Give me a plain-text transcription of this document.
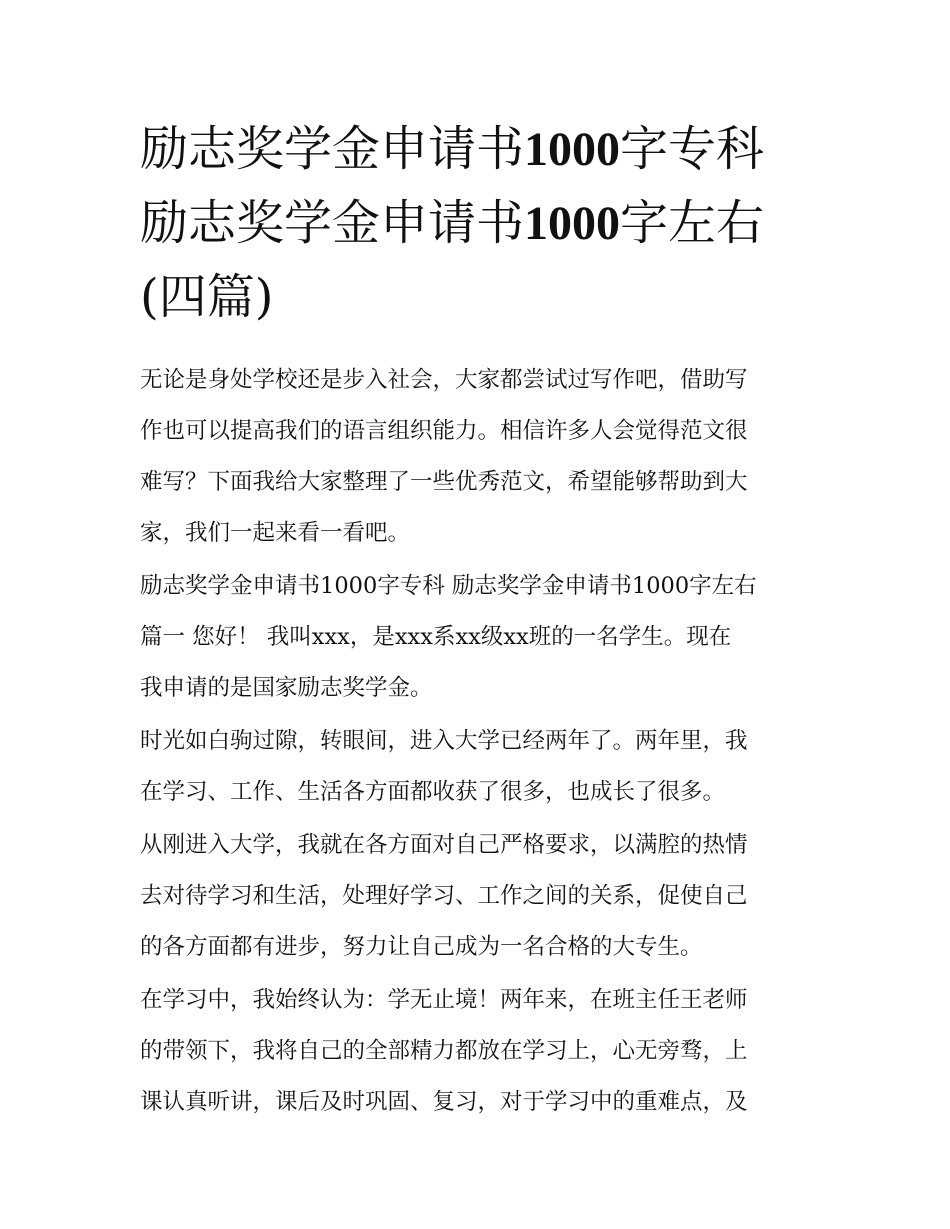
励志奖学金申请书1000字专科
励志奖学金申请书1000字左右
(四篇)

无论是身处学校还是步入社会，大家都尝试过写作吧，借助写
作也可以提高我们的语言组织能力。相信许多人会觉得范文很
难写？下面我给大家整理了一些优秀范文，希望能够帮助到大
家，我们一起来看一看吧。

励志奖学金申请书1000字专科 励志奖学金申请书1000字左右
篇一 您好！ 我叫xxx，是xxx系xx级xx班的一名学生。现在
我申请的是国家励志奖学金。

时光如白驹过隙，转眼间，进入大学已经两年了。两年里，我
在学习、工作、生活各方面都收获了很多，也成长了很多。

从刚进入大学，我就在各方面对自己严格要求，以满腔的热情
去对待学习和生活，处理好学习、工作之间的关系，促使自己
的各方面都有进步，努力让自己成为一名合格的大专生。

在学习中，我始终认为：学无止境！两年来，在班主任王老师
的带领下，我将自己的全部精力都放在学习上，心无旁骛，上
课认真听讲，课后及时巩固、复习，对于学习中的重难点，及
